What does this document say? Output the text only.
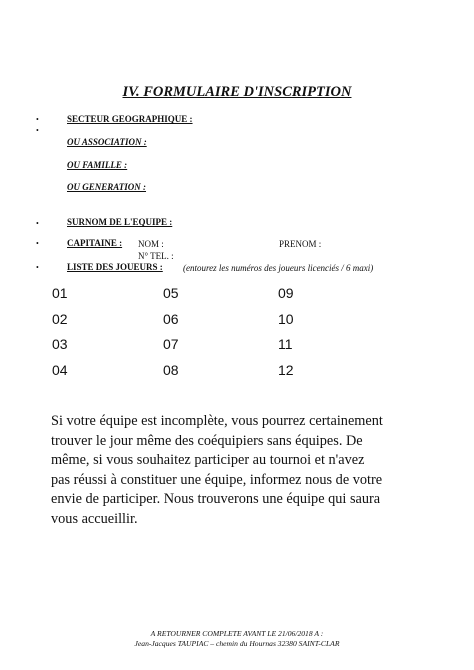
IV. FORMULAIRE D'INSCRIPTION
•
•
•
•
•
SECTEUR GEOGRAPHIQUE :
OU ASSOCIATION :
OU FAMILLE :
OU GENERATION :
SURNOM DE L'EQUIPE :
CAPITAINE : NOM :	PRENOM :
N° TEL. :
LISTE DES JOUEURS : (entourez les numéros des joueurs licenciés / 6 maxi)
01
02
03
04
05
06
07
08
09
10
11
12
Si votre équipe est incomplète, vous pourrez certainement
trouver le jour même des coéquipiers sans équipes. De
même, si vous souhaitez participer au tournoi et n'avez
pas réussi à constituer une équipe, informez nous de votre
envie de participer. Nous trouverons une équipe qui saura
vous accueillir.
A RETOURNER COMPLETE AVANT LE 21/06/2018 A :
Jean-Jacques TAUPIAC – chemin du Hournas 32380 SAINT-CLAR
